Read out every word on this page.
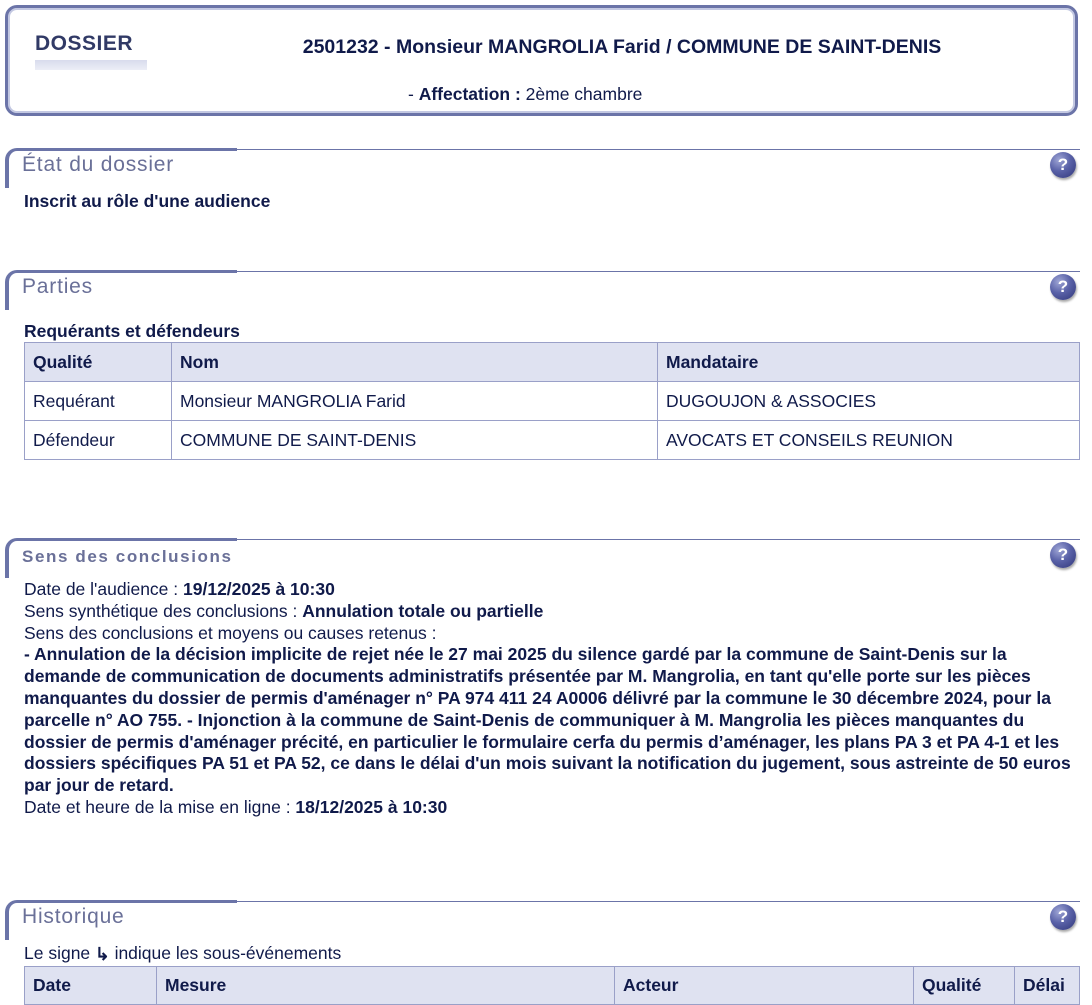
DOSSIER	2501232 - Monsieur MANGROLIA Farid / COMMUNE DE SAINT-DENIS
- Affectation : 2ème chambre
État du dossier	?
Inscrit au rôle d'une audience
Parties	?
Requérants et défendeurs
Qualité	Nom	Mandataire
Requérant	Monsieur MANGROLIA Farid	DUGOUJON & ASSOCIES
Défendeur	COMMUNE DE SAINT-DENIS	AVOCATS ET CONSEILS REUNION
Sens des conclusions	?
Date de l'audience : 19/12/2025 à 10:30
Sens synthétique des conclusions : Annulation totale ou partielle
Sens des conclusions et moyens ou causes retenus :
- Annulation de la décision implicite de rejet née le 27 mai 2025 du silence gardé par la commune de Saint-Denis sur la demande de communication de documents administratifs présentée par M. Mangrolia, en tant qu'elle porte sur les pièces manquantes du dossier de permis d'aménager n° PA 974 411 24 A0006 délivré par la commune le 30 décembre 2024, pour la parcelle n° AO 755. - Injonction à la commune de Saint-Denis de communiquer à M. Mangrolia les pièces manquantes du dossier de permis d'aménager précité, en particulier le formulaire cerfa du permis d’aménager, les plans PA 3 et PA 4-1 et les dossiers spécifiques PA 51 et PA 52, ce dans le délai d'un mois suivant la notification du jugement, sous astreinte de 50 euros par jour de retard.
Date et heure de la mise en ligne : 18/12/2025 à 10:30
Historique	?
Le signe ↳ indique les sous-événements
Date	Mesure	Acteur	Qualité	Délai
